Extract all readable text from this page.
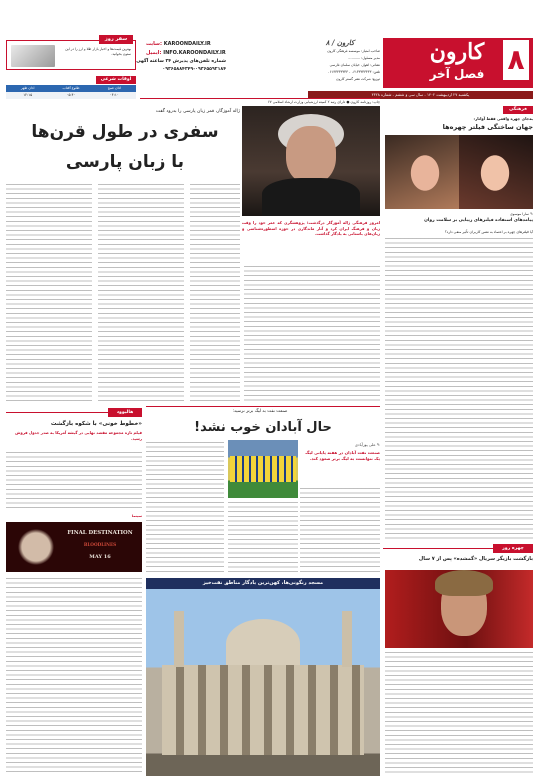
۸
کارون
فصل آخر
یکشنبه ۲۷ اردیبهشت ۱۴۰۲ - سال سی و ششم - شماره ۴۳۲۸
۸ / کارون
صاحب امتیاز: موسسه فرهنگی کارون
مدیر مسئول: ...........
نشانی: اهواز، خیابان سلمان فارسی
تلفن: ۰۶۱۳۳۳۳۳۳۳۳ - ۰۶۱۳۳۳۳۳۳۳۳
توزیع: شرکت نشر گستر کارون
سایت: KAROONDAILY.IR
ایمیل: INFO.KAROONDAILY.IR
شماره تلفن‌های پذیرش ۲۴ ساعته آگهی: ۰۹۳۶۵۵۹۲۱۸۴-۰۹۳۶۵۸۸۴۳۴۹
سفر روز
بهترین قیمت‌ها و اخبار بازار طلا و ارز را در این ستون بخوانید.
اوقات شرعی
اذان صبح
طلوع آفتاب
اذان ظهر
۰۴:۱۰
۰۵:۴۰
۱۲:۱۵
چاپ: روزنامه کارون ● دارای رتبه ۲ کمیته ارزشیابی وزارت ارشاد اسلامی ۶۷
فرهنگی
به‌جای چهره واقعی فقط آواتار:
جهان ساختگی فیلتر چهره‌ها
✎ سارا موسوی
پیامدهای استفاده فیلترهای زیبایی بر سلامت روان
آیا فیلترهای چهره بر اعتماد به نفس کاربران تأثیر منفی دارد؟
ژاله آموزگار، قمر زبان پارسی را بدرود گفت
سفری در طول قرن‌ها
با زبان پارسی
امروز فرهنگی ژاله آموزگار درگذشت؛ پژوهشگری که عمر خود را وقت زبان و فرهنگ ایران کرد و آثار ماندگاری در حوزه اسطوره‌شناسی و زبان‌های باستانی به یادگار گذاشت.
صنعت نفت به لیگ برتر نرسید:
حال آبادان خوب نشد!
✎ علی پورآبادی
صنعت نفت آبادان در هفته پایانی لیگ یک نتوانست به لیگ برتر صعود کند.
مسجد رنگونی‌ها، کهن‌ترین یادگار مناطق نفت‌خیز
هالیوود
«خطوط خونی» با شکوه بازگشت
فیلم تازه مجموعه مقصد نهایی در گیشه آمریکا به صدر جدول فروش رسید.
سینما
FINAL DESTINATION
BLOODLINES
MAY 16
چهره روز
بازگشت بازیگر سریال «گمشده» پس از ۷ سال
